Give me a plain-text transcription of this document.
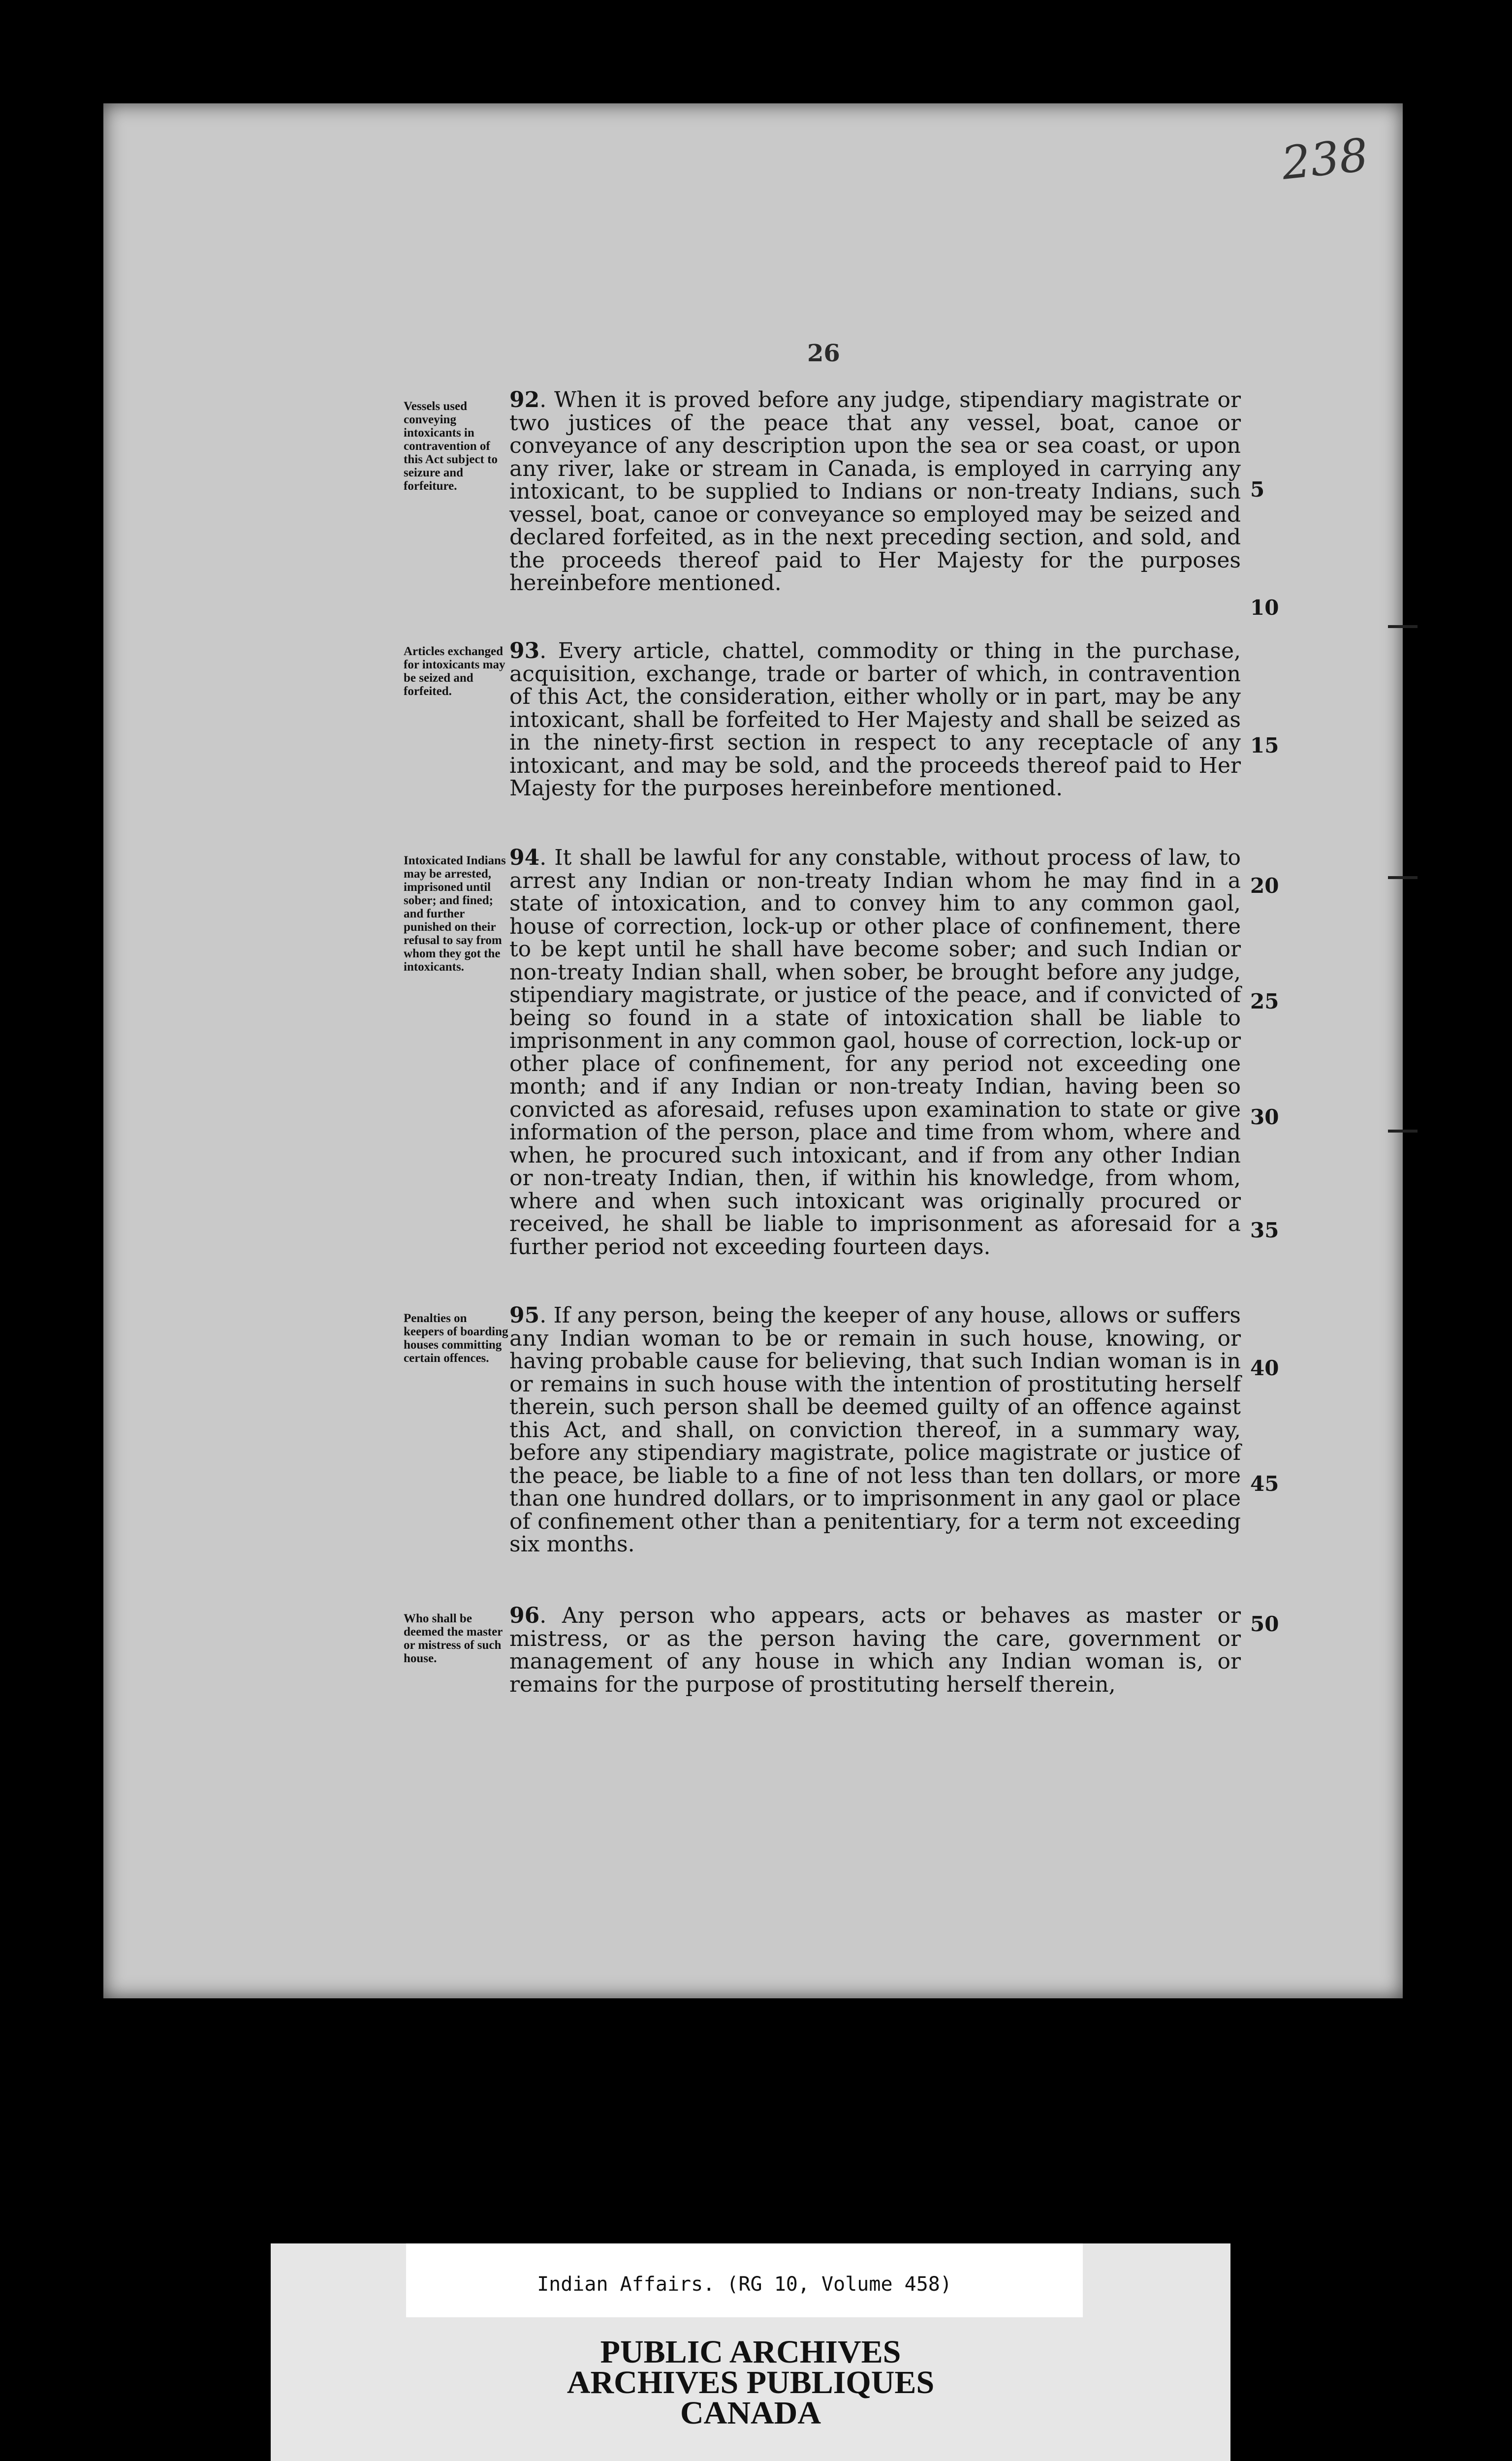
238
26
Vessels used conveying intoxicants in contravention of this Act subject to seizure and forfeiture.

92. When it is proved before any judge, stipendiary magistrate or two justices of the peace that any vessel, boat, canoe or conveyance of any description upon the sea or sea coast, or upon any river, lake or stream in Canada, is employed in carrying any intoxicant, to be supplied to Indians or non-treaty Indians, such vessel, boat, canoe or conveyance so employed may be seized and declared forfeited, as in the next preceding section, and sold, and the proceeds thereof paid to Her Majesty for the purposes hereinbefore mentioned.

Articles exchanged for intoxicants may be seized and forfeited.

93. Every article, chattel, commodity or thing in the purchase, acquisition, exchange, trade or barter of which, in contravention of this Act, the consideration, either wholly or in part, may be any intoxicant, shall be forfeited to Her Majesty and shall be seized as in the ninety-first section in respect to any receptacle of any intoxicant, and may be sold, and the proceeds thereof paid to Her Majesty for the purposes hereinbefore mentioned.

Intoxicated Indians may be arrested, imprisoned until sober; and fined; and further punished on their refusal to say from whom they got the intoxicants.

94. It shall be lawful for any constable, without process of law, to arrest any Indian or non-treaty Indian whom he may find in a state of intoxication, and to convey him to any common gaol, house of correction, lock-up or other place of confinement, there to be kept until he shall have become sober; and such Indian or non-treaty Indian shall, when sober, be brought before any judge, stipendiary magistrate, or justice of the peace, and if convicted of being so found in a state of intoxication shall be liable to imprisonment in any common gaol, house of correction, lock-up or other place of confinement, for any period not exceeding one month; and if any Indian or non-treaty Indian, having been so convicted as aforesaid, refuses upon examination to state or give information of the person, place and time from whom, where and when, he procured such intoxicant, and if from any other Indian or non-treaty Indian, then, if within his knowledge, from whom, where and when such intoxicant was originally procured or received, he shall be liable to imprisonment as aforesaid for a further period not exceeding fourteen days.

Penalties on keepers of boarding houses committing certain offences.

95. If any person, being the keeper of any house, allows or suffers any Indian woman to be or remain in such house, knowing, or having probable cause for believing, that such Indian woman is in or remains in such house with the intention of prostituting herself therein, such person shall be deemed guilty of an offence against this Act, and shall, on conviction thereof, in a summary way, before any stipendiary magistrate, police magistrate or justice of the peace, be liable to a fine of not less than ten dollars, or more than one hundred dollars, or to imprisonment in any gaol or place of confinement other than a penitentiary, for a term not exceeding six months.

Who shall be deemed the master or mistress of such house.

96. Any person who appears, acts or behaves as master or mistress, or as the person having the care, government or management of any house in which any Indian woman is, or remains for the purpose of prostituting herself therein,

5
10
15
20
25
30
35
40
45
50
Indian Affairs. (RG 10, Volume 458)
PUBLIC ARCHIVES
ARCHIVES PUBLIQUES
CANADA
